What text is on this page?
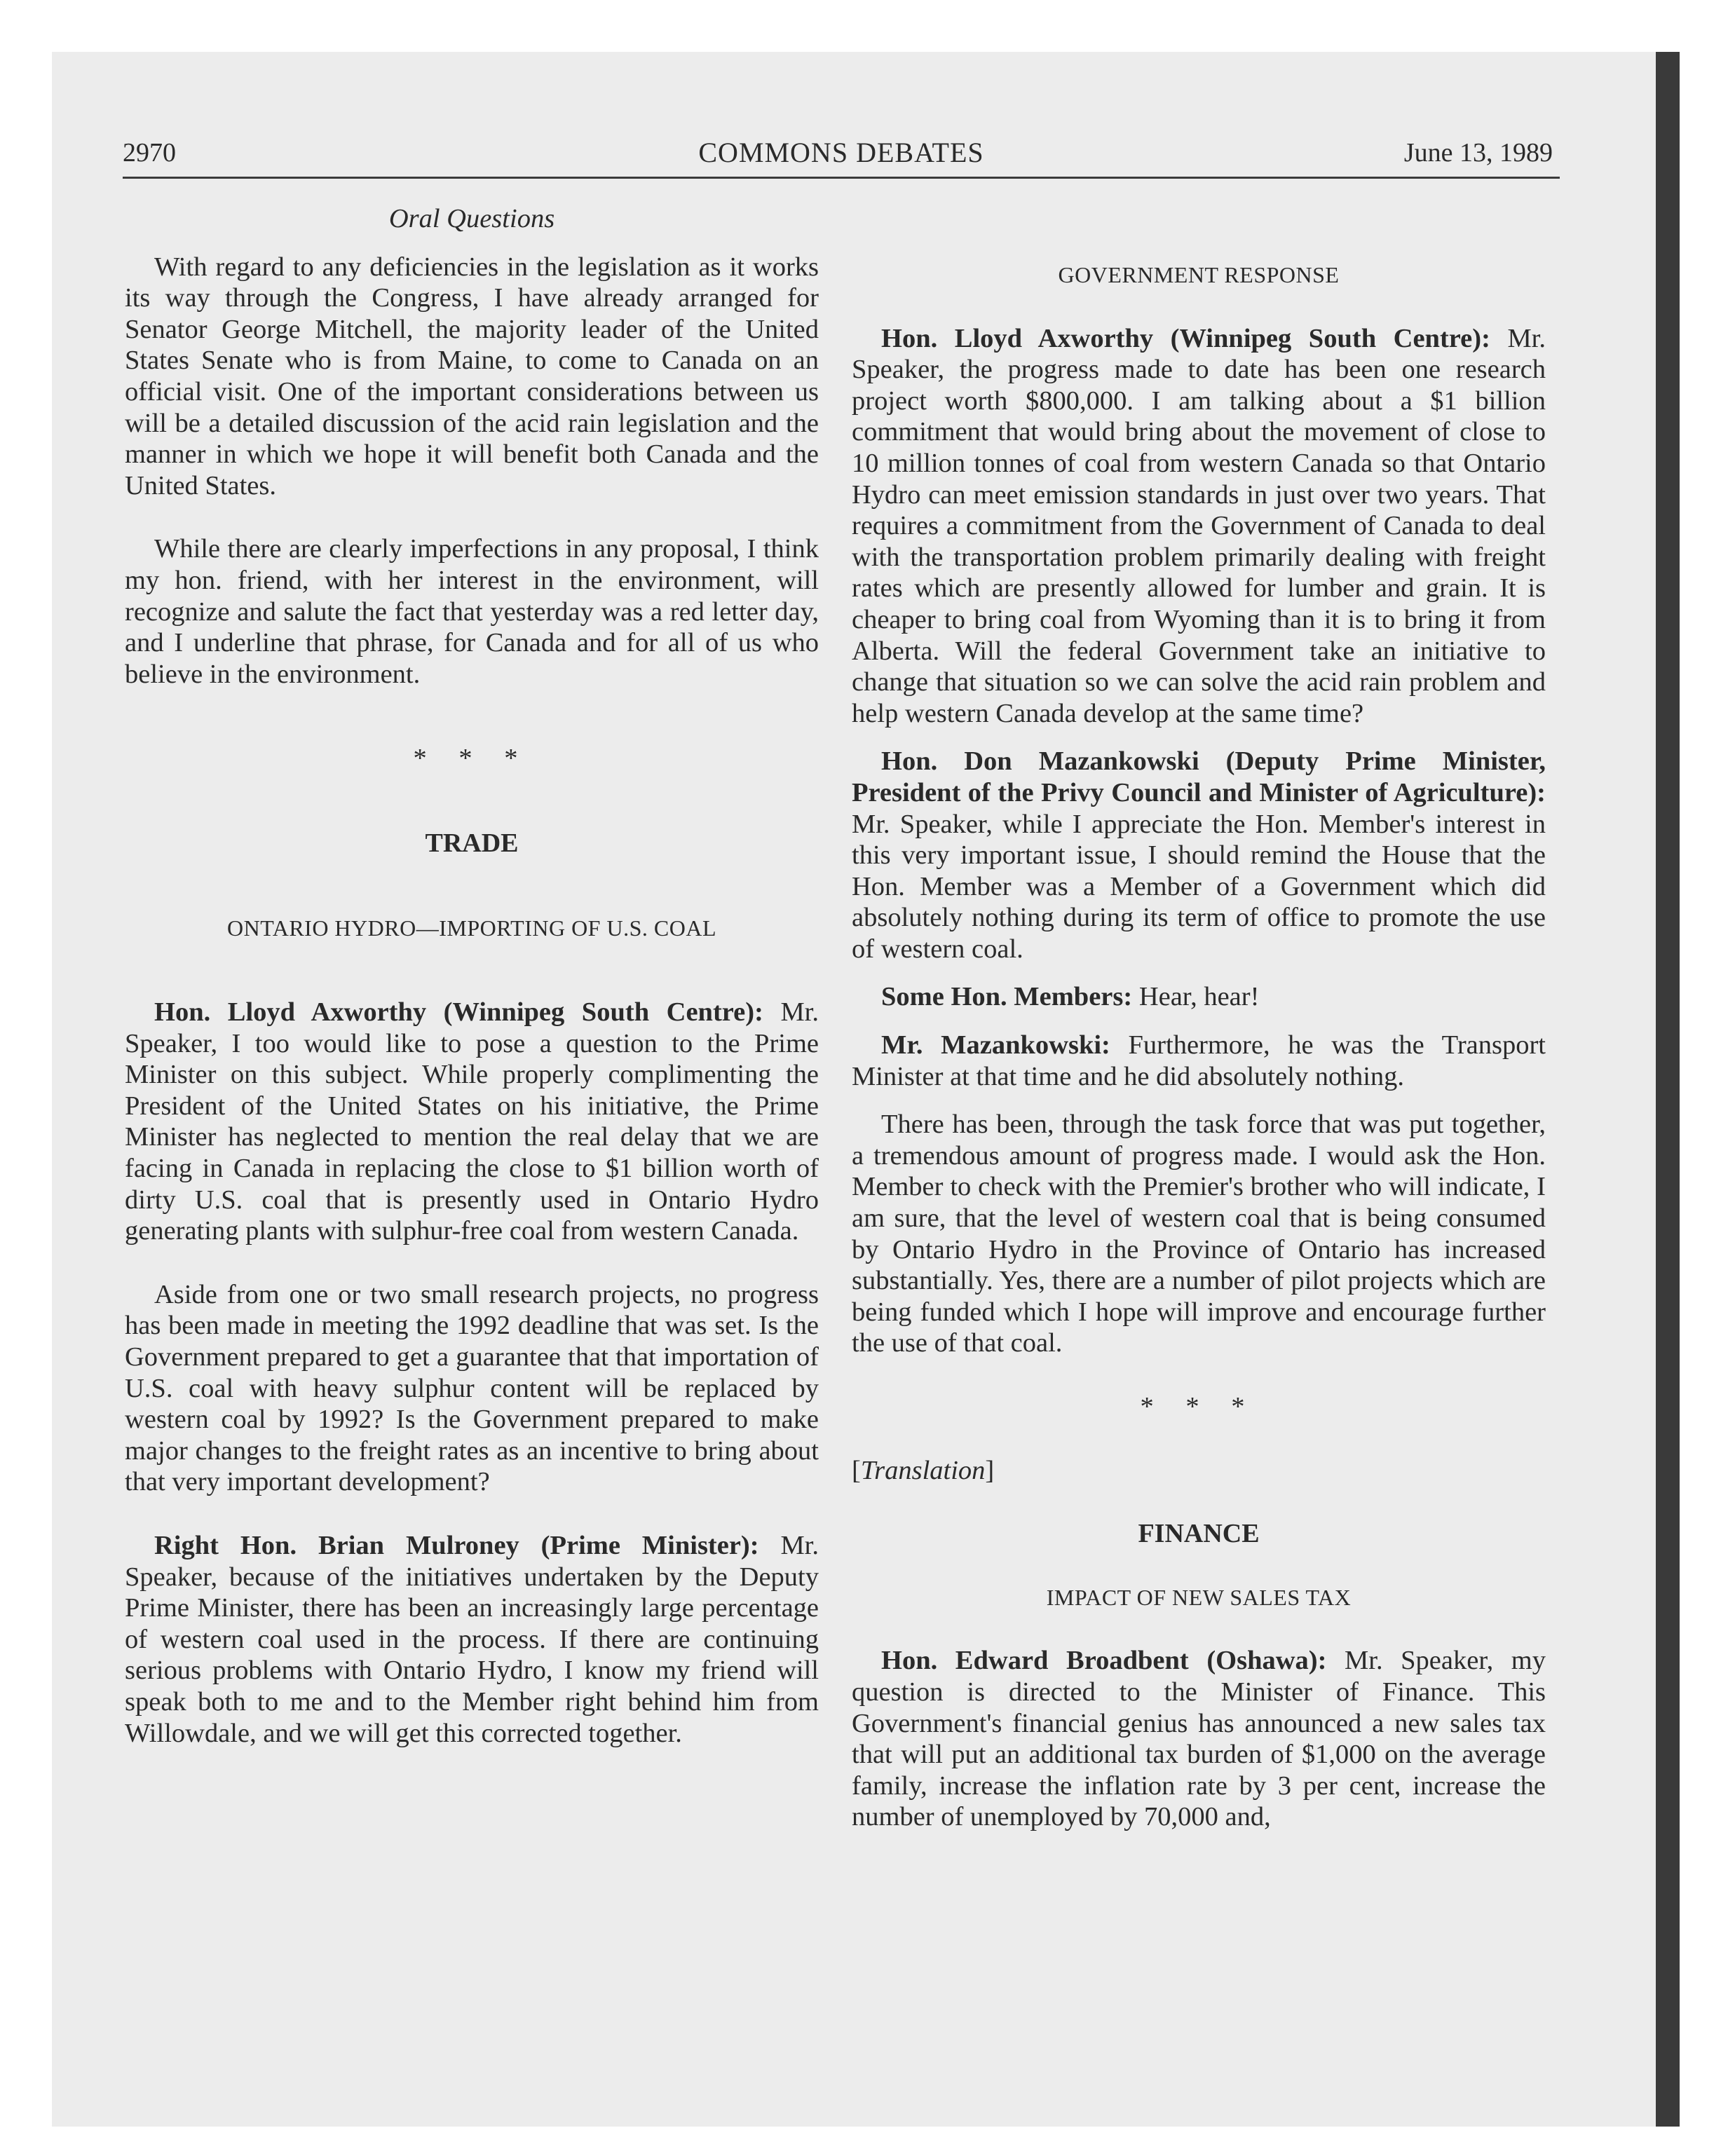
2970	COMMONS DEBATES	June 13, 1989

Oral Questions

With regard to any deficiencies in the legislation as it works its way through the Congress, I have already arranged for Senator George Mitchell, the majority leader of the United States Senate who is from Maine, to come to Canada on an official visit. One of the important considerations between us will be a detailed discussion of the acid rain legislation and the manner in which we hope it will benefit both Canada and the United States.

While there are clearly imperfections in any proposal, I think my hon. friend, with her interest in the environment, will recognize and salute the fact that yesterday was a red letter day, and I underline that phrase, for Canada and for all of us who believe in the environment.

* * *

TRADE

ONTARIO HYDRO—IMPORTING OF U.S. COAL

Hon. Lloyd Axworthy (Winnipeg South Centre): Mr. Speaker, I too would like to pose a question to the Prime Minister on this subject. While properly complimenting the President of the United States on his initiative, the Prime Minister has neglected to mention the real delay that we are facing in Canada in replacing the close to $1 billion worth of dirty U.S. coal that is presently used in Ontario Hydro generating plants with sulphur-free coal from western Canada.

Aside from one or two small research projects, no progress has been made in meeting the 1992 deadline that was set. Is the Government prepared to get a guarantee that that importation of U.S. coal with heavy sulphur content will be replaced by western coal by 1992? Is the Government prepared to make major changes to the freight rates as an incentive to bring about that very important development?

Right Hon. Brian Mulroney (Prime Minister): Mr. Speaker, because of the initiatives undertaken by the Deputy Prime Minister, there has been an increasingly large percentage of western coal used in the process. If there are continuing serious problems with Ontario Hydro, I know my friend will speak both to me and to the Member right behind him from Willowdale, and we will get this corrected together.

GOVERNMENT RESPONSE

Hon. Lloyd Axworthy (Winnipeg South Centre): Mr. Speaker, the progress made to date has been one research project worth $800,000. I am talking about a $1 billion commitment that would bring about the movement of close to 10 million tonnes of coal from western Canada so that Ontario Hydro can meet emission standards in just over two years. That requires a commitment from the Government of Canada to deal with the transportation problem primarily dealing with freight rates which are presently allowed for lumber and grain. It is cheaper to bring coal from Wyoming than it is to bring it from Alberta. Will the federal Government take an initiative to change that situation so we can solve the acid rain problem and help western Canada develop at the same time?

Hon. Don Mazankowski (Deputy Prime Minister, President of the Privy Council and Minister of Agriculture): Mr. Speaker, while I appreciate the Hon. Member's interest in this very important issue, I should remind the House that the Hon. Member was a Member of a Government which did absolutely nothing during its term of office to promote the use of western coal.

Some Hon. Members: Hear, hear!

Mr. Mazankowski: Furthermore, he was the Transport Minister at that time and he did absolutely nothing.

There has been, through the task force that was put together, a tremendous amount of progress made. I would ask the Hon. Member to check with the Premier's brother who will indicate, I am sure, that the level of western coal that is being consumed by Ontario Hydro in the Province of Ontario has increased substantially. Yes, there are a number of pilot projects which are being funded which I hope will improve and encourage further the use of that coal.

* * *

[Translation]

FINANCE

IMPACT OF NEW SALES TAX

Hon. Edward Broadbent (Oshawa): Mr. Speaker, my question is directed to the Minister of Finance. This Government's financial genius has announced a new sales tax that will put an additional tax burden of $1,000 on the average family, increase the inflation rate by 3 per cent, increase the number of unemployed by 70,000 and,
